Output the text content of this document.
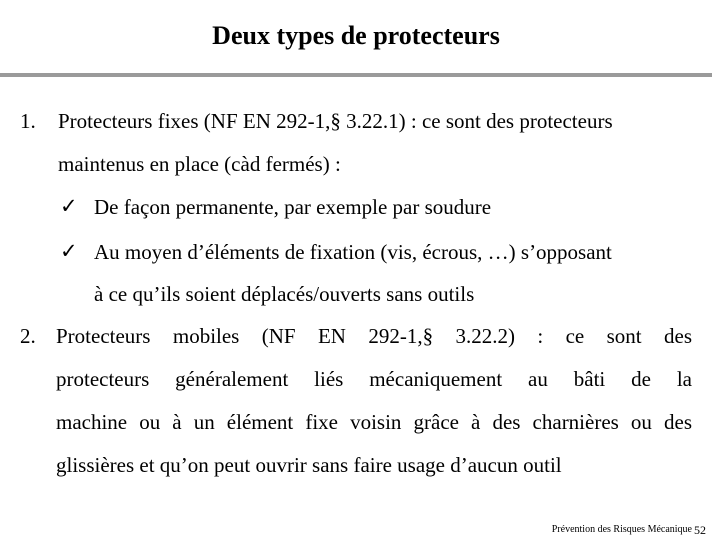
Deux types de protecteurs
1. Protecteurs fixes (NF EN 292-1,§ 3.22.1) : ce sont des protecteurs
maintenus en place (càd fermés) :
✓ De façon permanente, par exemple par soudure
✓ Au moyen d’éléments de fixation (vis, écrous, …) s’opposant
à ce qu’ils soient déplacés/ouverts sans outils
2. Protecteurs mobiles (NF EN 292-1,§ 3.22.2) : ce sont des
protecteurs généralement liés mécaniquement au bâti de la
machine ou à un élément fixe voisin grâce à des charnières ou des
glissières et qu’on peut ouvrir sans faire usage d’aucun outil
Prévention des Risques Mécanique 52
